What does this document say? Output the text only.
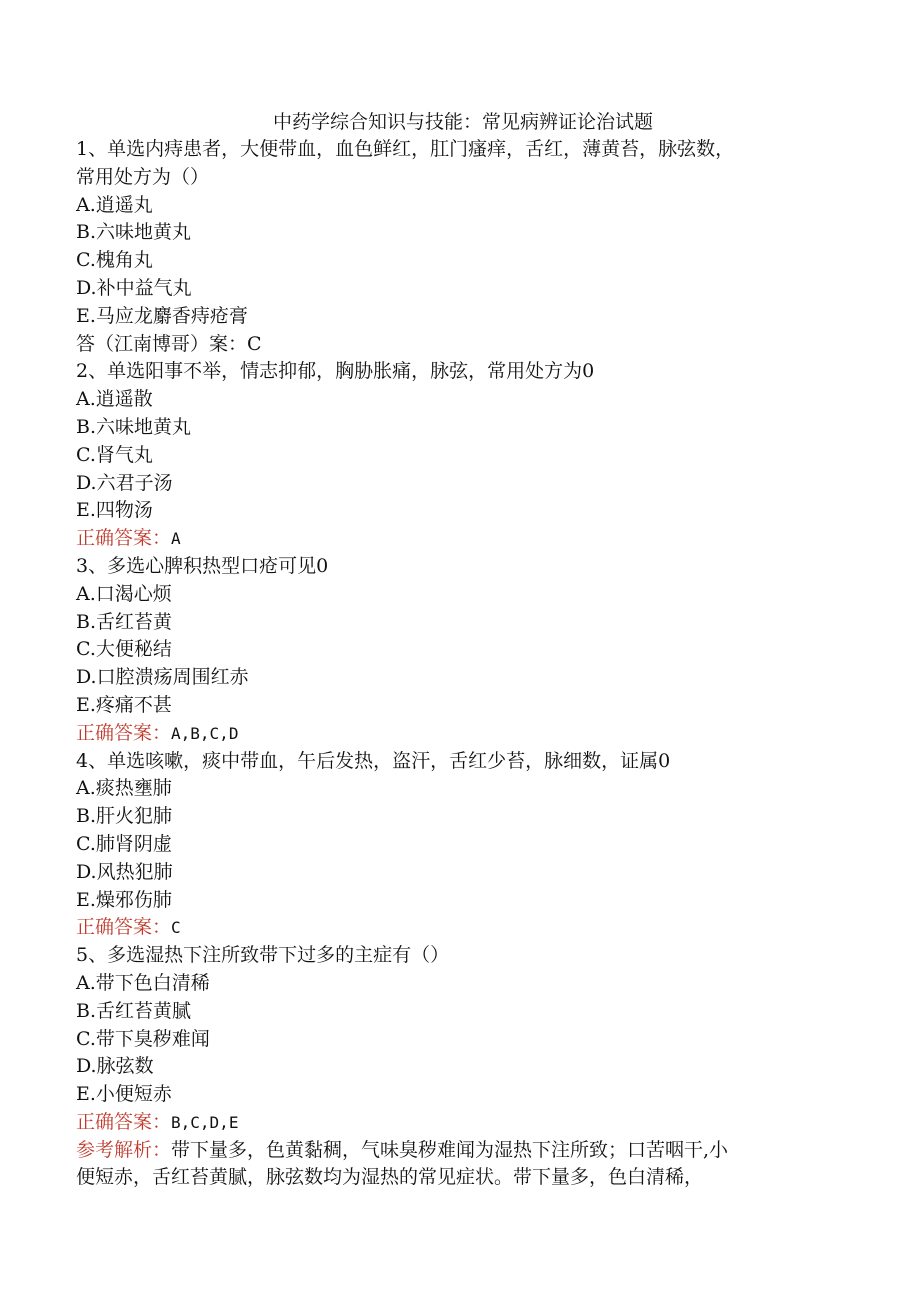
中药学综合知识与技能：常见病辨证论治试题
1、单选内痔患者，大便带血，血色鲜红，肛门瘙痒，舌红，薄黄苔，脉弦数，
常用处方为（）
A.逍遥丸
B.六味地黄丸
C.槐角丸
D.补中益气丸
E.马应龙麝香痔疮膏
答（江南博哥）案：C
2、单选阳事不举，情志抑郁，胸胁胀痛，脉弦，常用处方为0
A.逍遥散
B.六味地黄丸
C.肾气丸
D.六君子汤
E.四物汤
正确答案：A
3、多选心脾积热型口疮可见0
A.口渴心烦
B.舌红苔黄
C.大便秘结
D.口腔溃疡周围红赤
E.疼痛不甚
正确答案：A,B,C,D
4、单选咳嗽，痰中带血，午后发热，盗汗，舌红少苔，脉细数，证属0
A.痰热壅肺
B.肝火犯肺
C.肺肾阴虚
D.风热犯肺
E.燥邪伤肺
正确答案：C
5、多选湿热下注所致带下过多的主症有（）
A.带下色白清稀
B.舌红苔黄腻
C.带下臭秽难闻
D.脉弦数
E.小便短赤
正确答案：B,C,D,E
参考解析：带下量多，色黄黏稠，气味臭秽难闻为湿热下注所致；口苦咽干,小
便短赤，舌红苔黄腻，脉弦数均为湿热的常见症状。带下量多，色白清稀，
